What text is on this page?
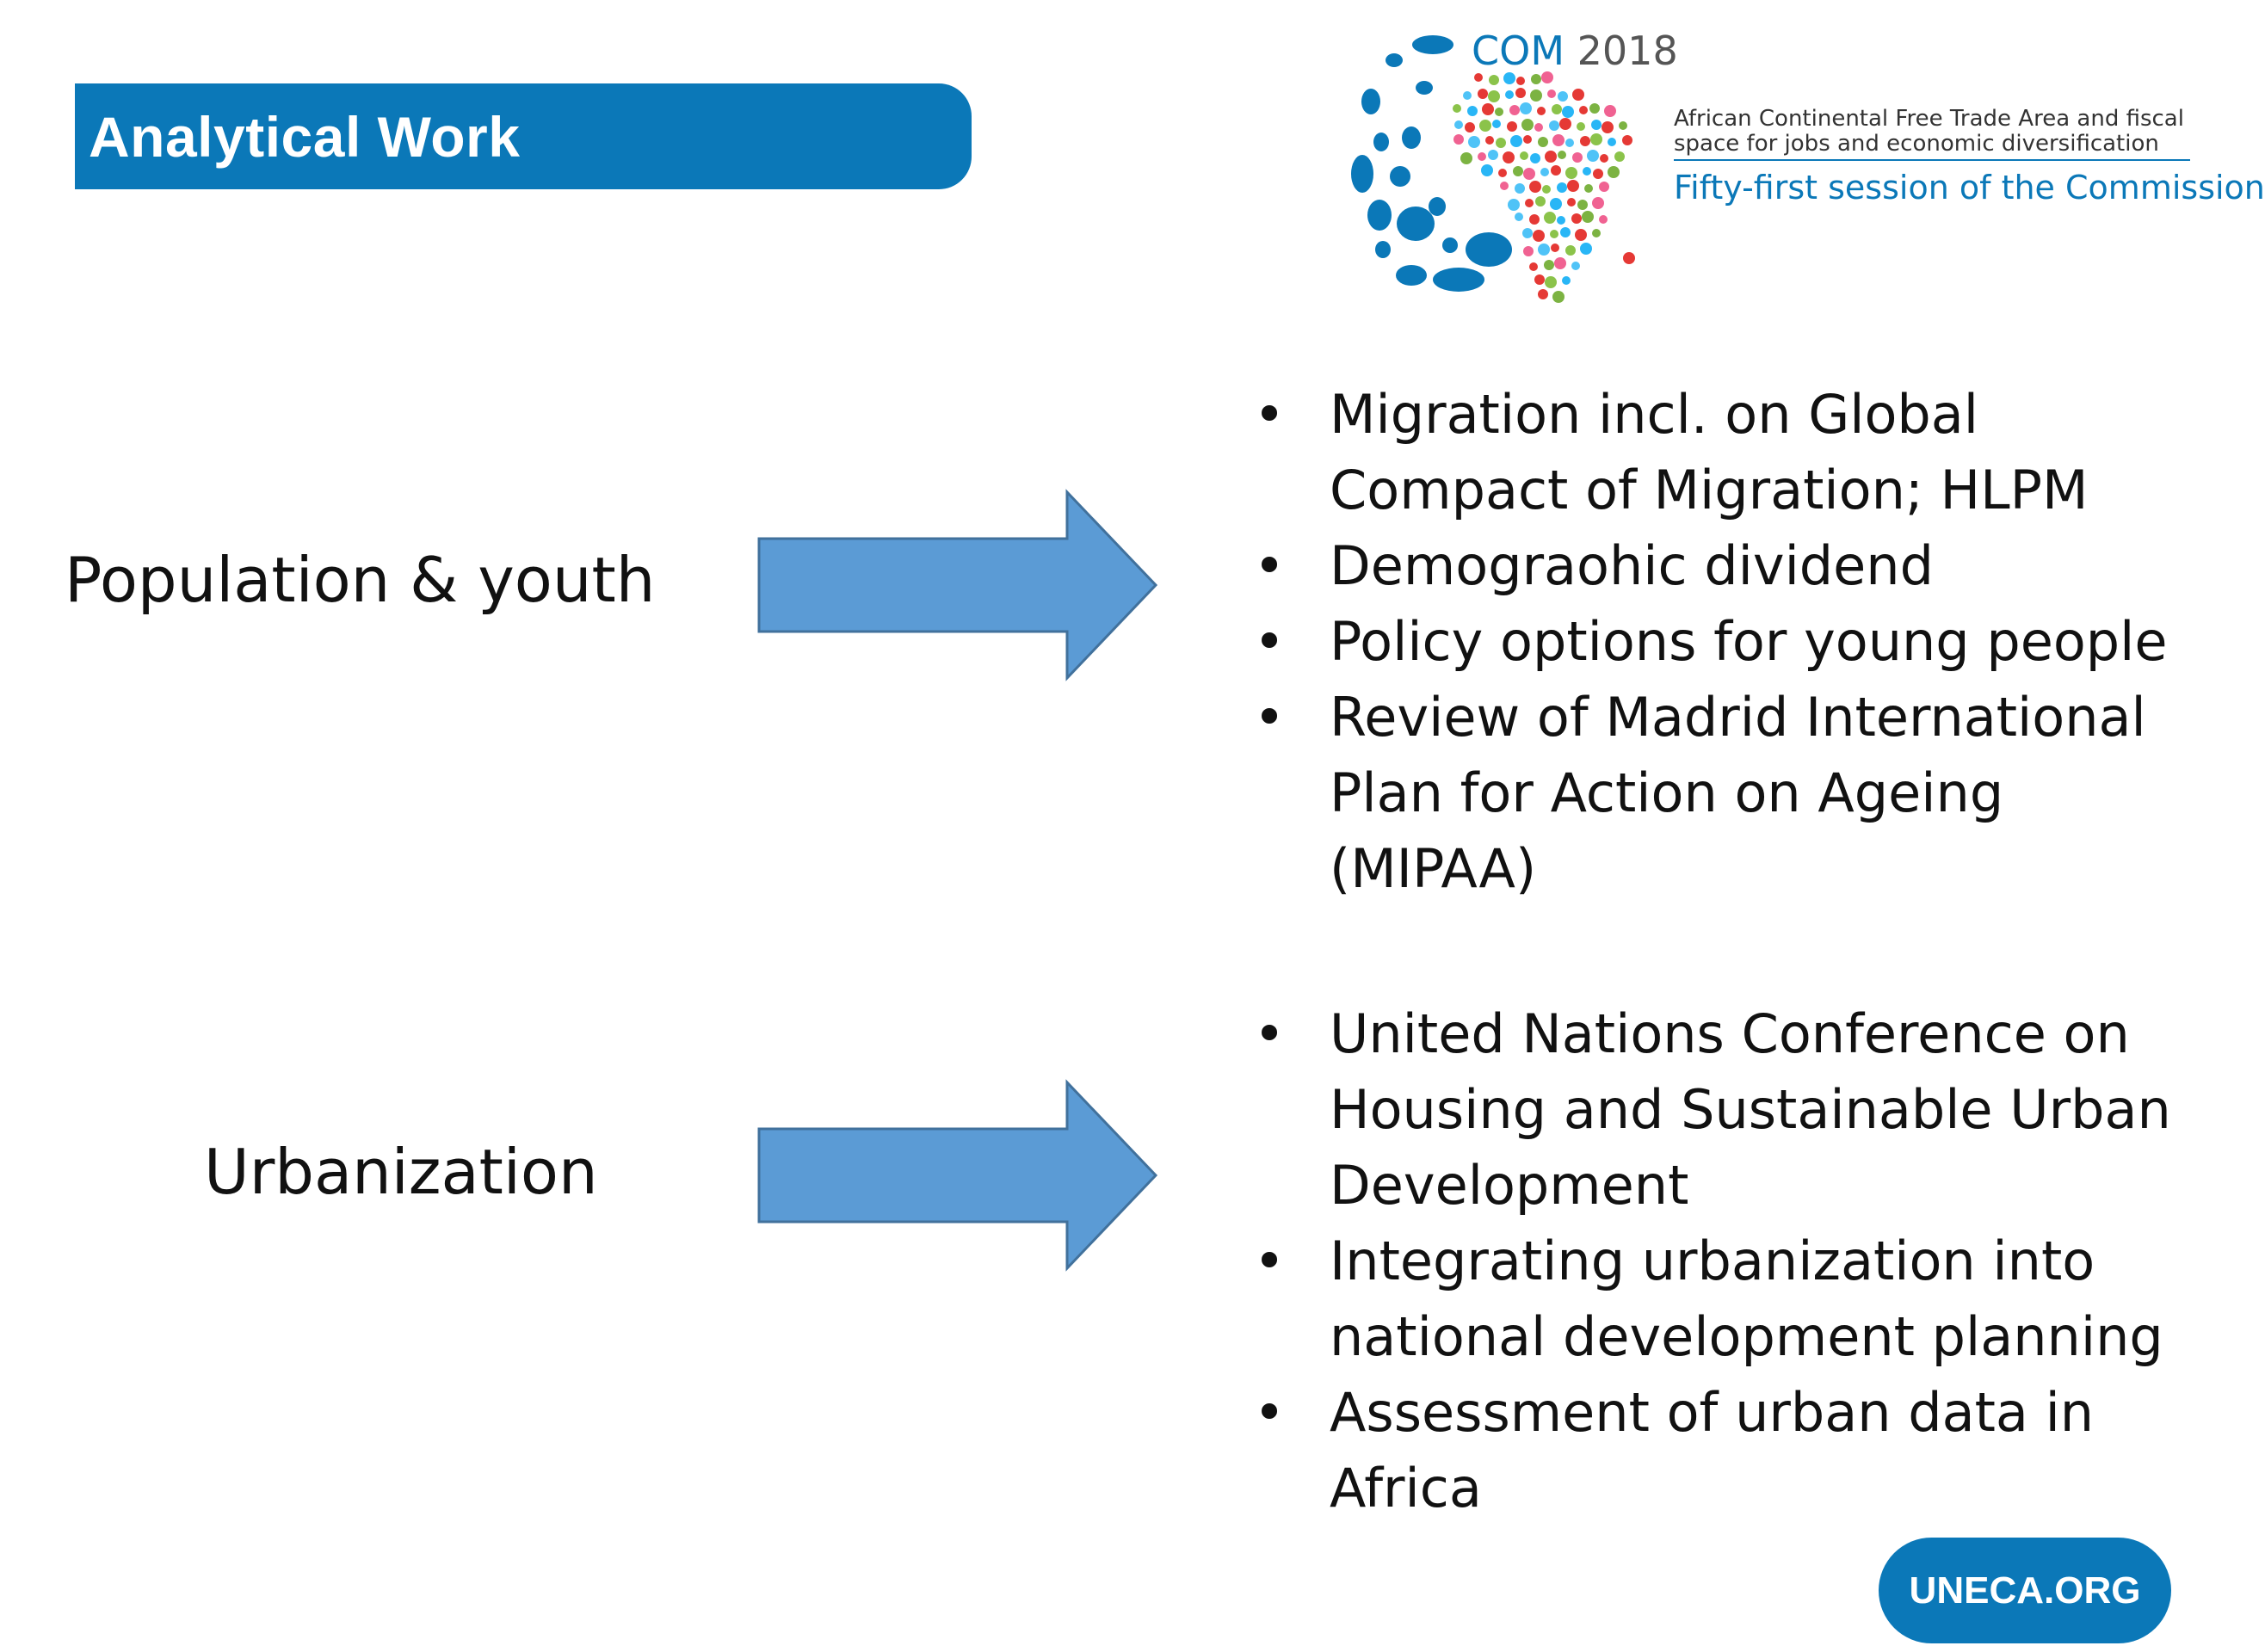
Analytical Work
COM 2018
African Continental Free Trade Area and fiscal space for jobs and economic diversification
Fifty-first session of the Commission
Population & youth
• Migration incl. on Global Compact of Migration; HLPM
• Demograohic dividend
• Policy options for young people
• Review of Madrid International Plan for Action on Ageing (MIPAA)
Urbanization
• United Nations Conference on Housing and Sustainable Urban Development
• Integrating urbanization into national development planning
• Assessment of urban data in Africa
UNECA.ORG
